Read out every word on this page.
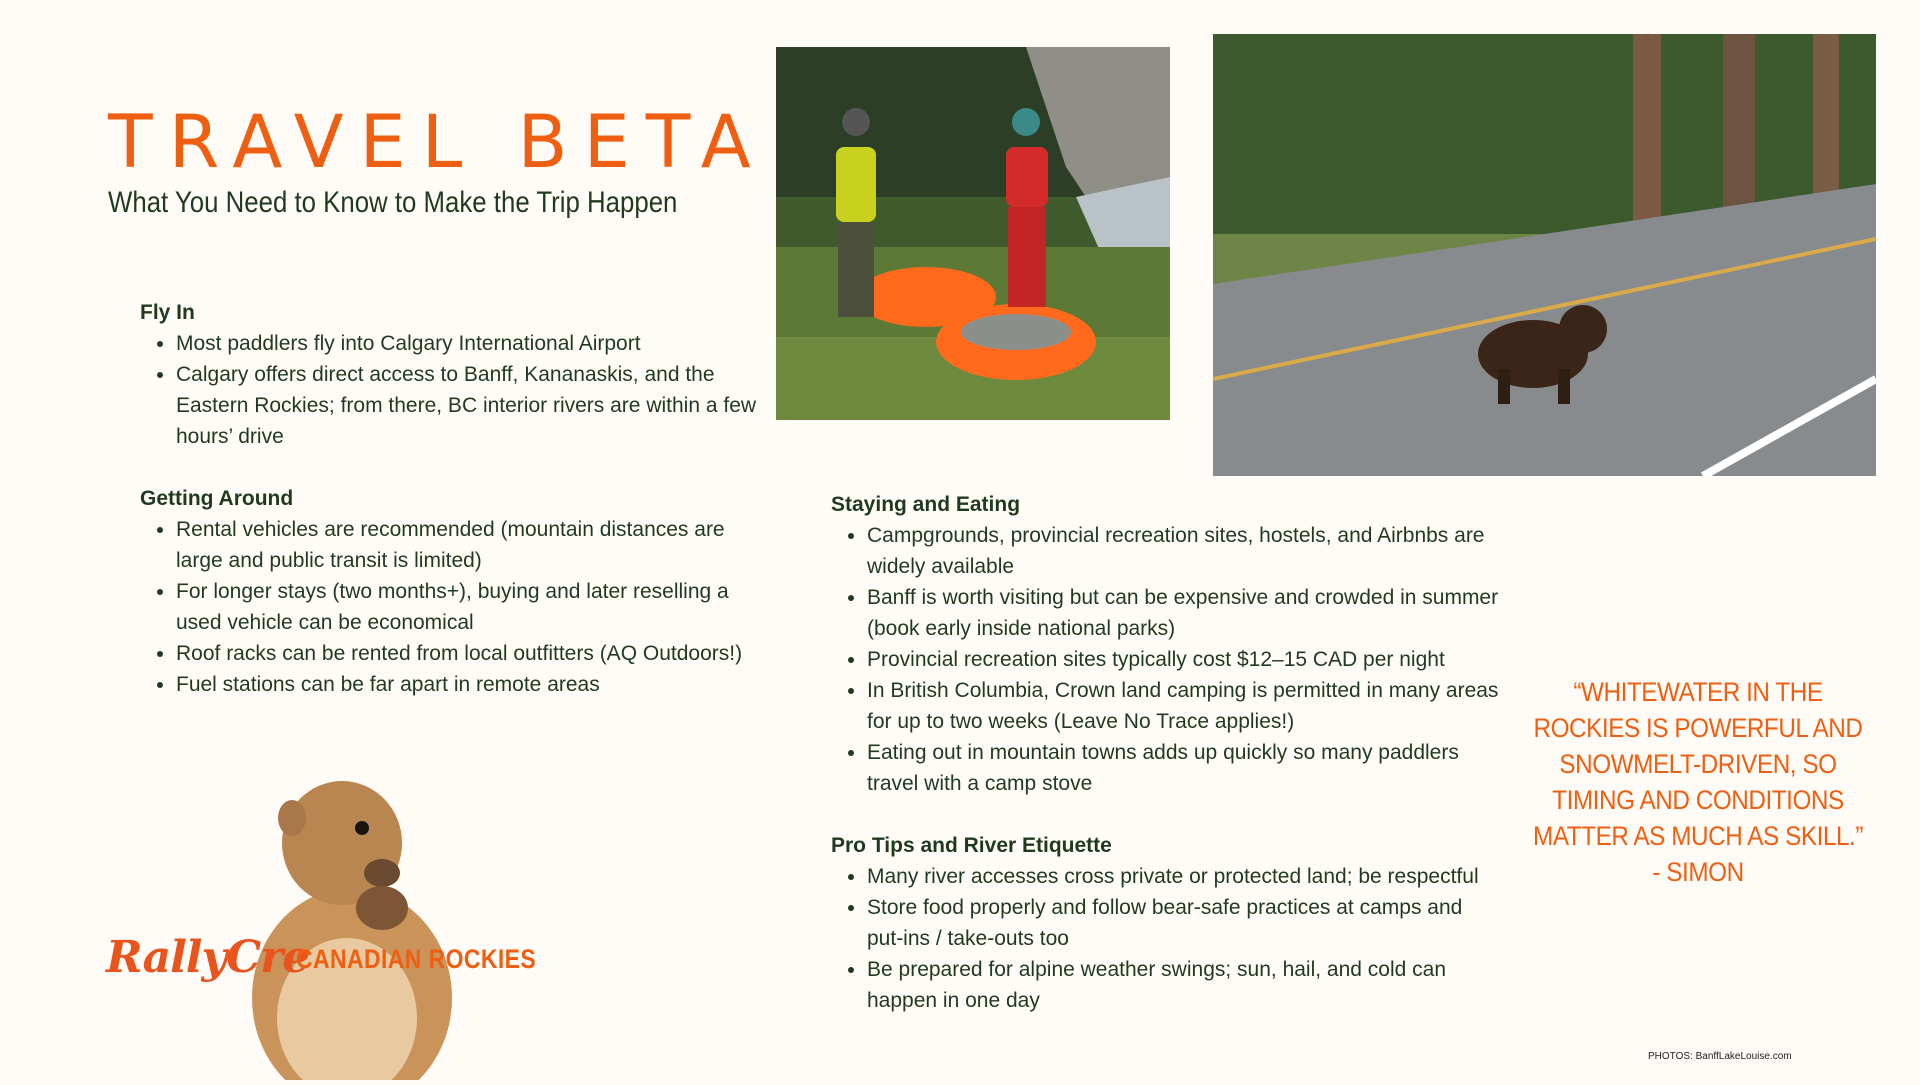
TRAVEL BETA
What You Need to Know to Make the Trip Happen
Fly In
• Most paddlers fly into Calgary International Airport
• Calgary offers direct access to Banff, Kananaskis, and the Eastern Rockies; from there, BC interior rivers are within a few hours’ drive
Getting Around
• Rental vehicles are recommended (mountain distances are large and public transit is limited)
• For longer stays (two months+), buying and later reselling a used vehicle can be economical
• Roof racks can be rented from local outfitters (AQ Outdoors!)
• Fuel stations can be far apart in remote areas
Staying and Eating
• Campgrounds, provincial recreation sites, hostels, and Airbnbs are widely available
• Banff is worth visiting but can be expensive and crowded in summer (book early inside national parks)
• Provincial recreation sites typically cost $12–15 CAD per night
• In British Columbia, Crown land camping is permitted in many areas for up to two weeks (Leave No Trace applies!)
• Eating out in mountain towns adds up quickly so many paddlers travel with a camp stove
Pro Tips and River Etiquette
• Many river accesses cross private or protected land; be respectful
• Store food properly and follow bear-safe practices at camps and put-ins / take-outs too
• Be prepared for alpine weather swings; sun, hail, and cold can happen in one day
RallyCre
CANADIAN ROCKIES
“WHITEWATER IN THE ROCKIES IS POWERFUL AND SNOWMELT-DRIVEN, SO TIMING AND CONDITIONS MATTER AS MUCH AS SKILL.” - SIMON
PHOTOS: BanffLakeLouise.com
